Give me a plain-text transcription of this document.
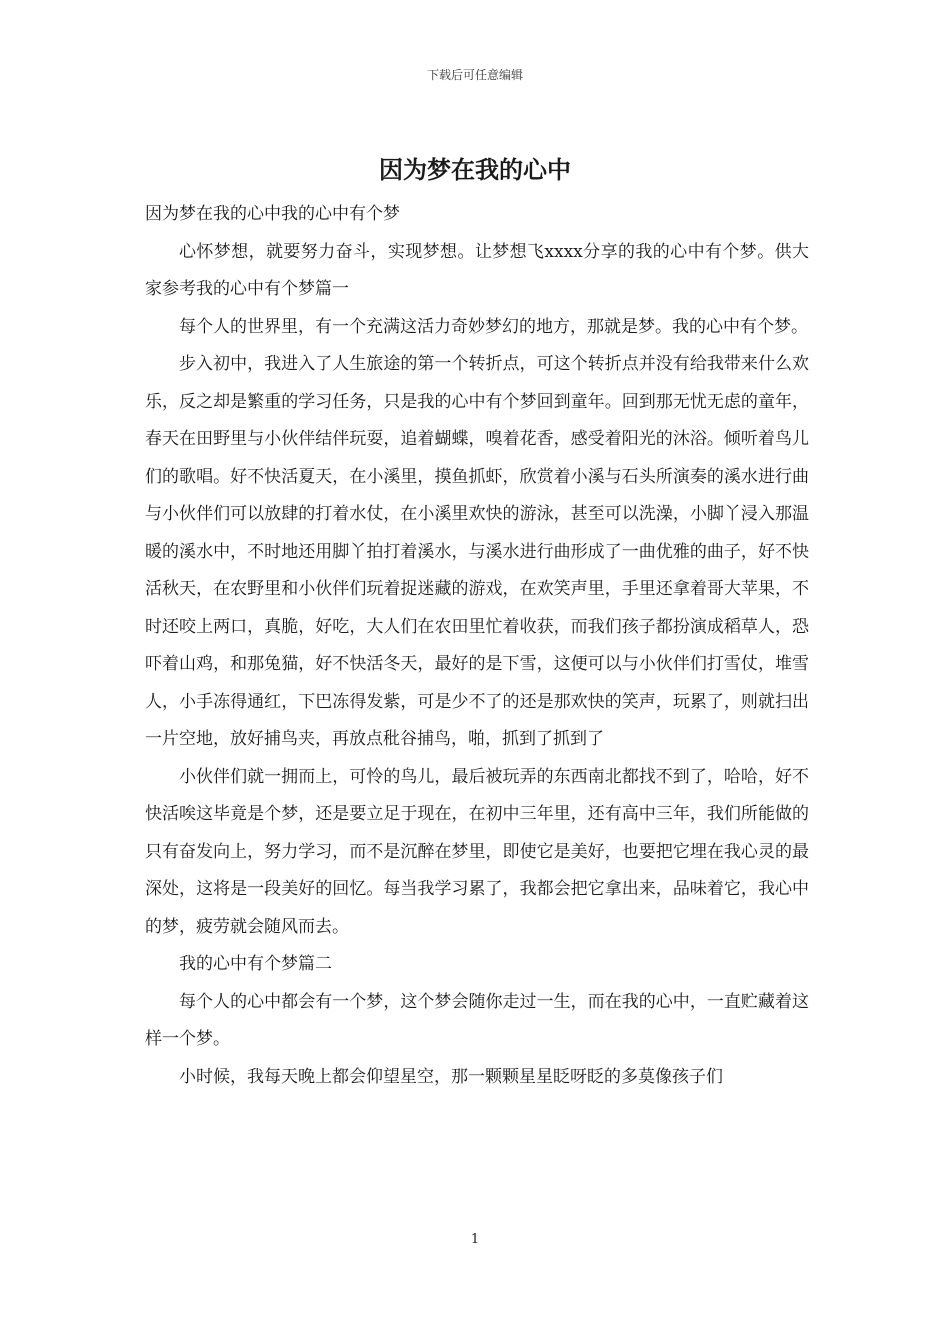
下载后可任意编辑
因为梦在我的心中

因为梦在我的心中我的心中有个梦

心怀梦想，就要努力奋斗，实现梦想。让梦想飞xxxx分享的我的心中有个梦。供大家参考我的心中有个梦篇一

每个人的世界里，有一个充满这活力奇妙梦幻的地方，那就是梦。我的心中有个梦。

步入初中，我进入了人生旅途的第一个转折点，可这个转折点并没有给我带来什么欢乐，反之却是繁重的学习任务，只是我的心中有个梦回到童年。回到那无忧无虑的童年，春天在田野里与小伙伴结伴玩耍，追着蝴蝶，嗅着花香，感受着阳光的沐浴。倾听着鸟儿们的歌唱。好不快活夏天，在小溪里，摸鱼抓虾，欣赏着小溪与石头所演奏的溪水进行曲与小伙伴们可以放肆的打着水仗，在小溪里欢快的游泳，甚至可以洗澡，小脚丫浸入那温暖的溪水中，不时地还用脚丫拍打着溪水，与溪水进行曲形成了一曲优雅的曲子，好不快活秋天，在农野里和小伙伴们玩着捉迷藏的游戏，在欢笑声里，手里还拿着哥大苹果，不时还咬上两口，真脆，好吃，大人们在农田里忙着收获，而我们孩子都扮演成稻草人，恐吓着山鸡，和那兔猫，好不快活冬天，最好的是下雪，这便可以与小伙伴们打雪仗，堆雪人，小手冻得通红，下巴冻得发紫，可是少不了的还是那欢快的笑声，玩累了，则就扫出一片空地，放好捕鸟夹，再放点秕谷捕鸟，啪，抓到了抓到了

小伙伴们就一拥而上，可怜的鸟儿，最后被玩弄的东西南北都找不到了，哈哈，好不快活唉这毕竟是个梦，还是要立足于现在，在初中三年里，还有高中三年，我们所能做的只有奋发向上，努力学习，而不是沉醉在梦里，即使它是美好，也要把它埋在我心灵的最深处，这将是一段美好的回忆。每当我学习累了，我都会把它拿出来，品味着它，我心中的梦，疲劳就会随风而去。

我的心中有个梦篇二

每个人的心中都会有一个梦，这个梦会随你走过一生，而在我的心中，一直贮藏着这样一个梦。

小时候，我每天晚上都会仰望星空，那一颗颗星星眨呀眨的多莫像孩子们

1
